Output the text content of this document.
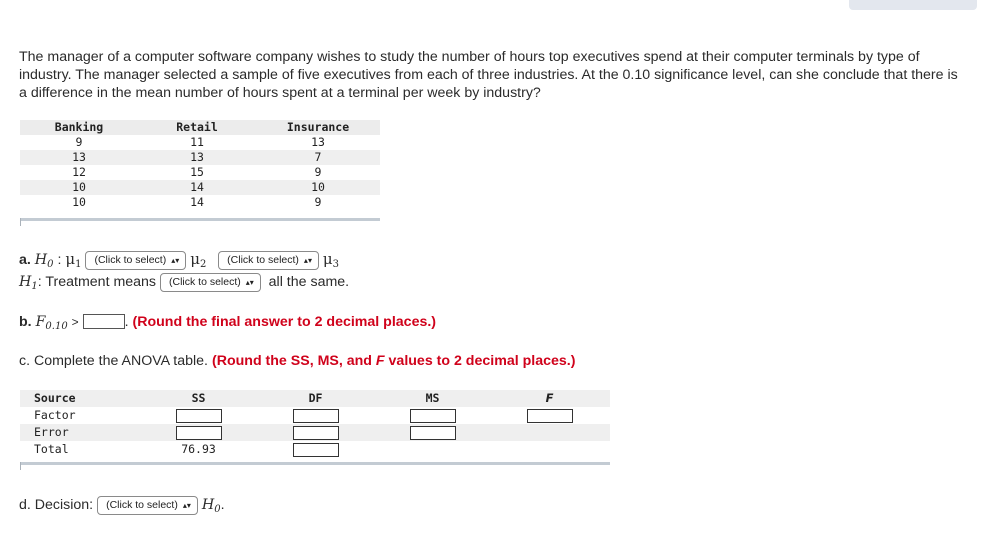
The manager of a computer software company wishes to study the number of hours top executives spend at their computer terminals by type of industry. The manager selected a sample of five executives from each of three industries. At the 0.10 significance level, can she conclude that there is a difference in the mean number of hours spent at a terminal per week by industry?
Banking	Retail	Insurance
9	11	13
13	13	7
12	15	9
10	14	10
10	14	9
a. $H_0$ : $\mu_1$ (Click to select) ▴▾ $\mu_2$ (Click to select) ▴▾ $\mu_3$
$H_1$: Treatment means (Click to select) ▴▾ all the same.
b. $F_{0.10}$ >	. (Round the final answer to 2 decimal places.)
c. Complete the ANOVA table. (Round the SS, MS, and F values to 2 decimal places.)
Source	SS	DF	MS	F
Factor
Error
Total	76.93
d. Decision: (Click to select) ▴▾ $H_0$.
